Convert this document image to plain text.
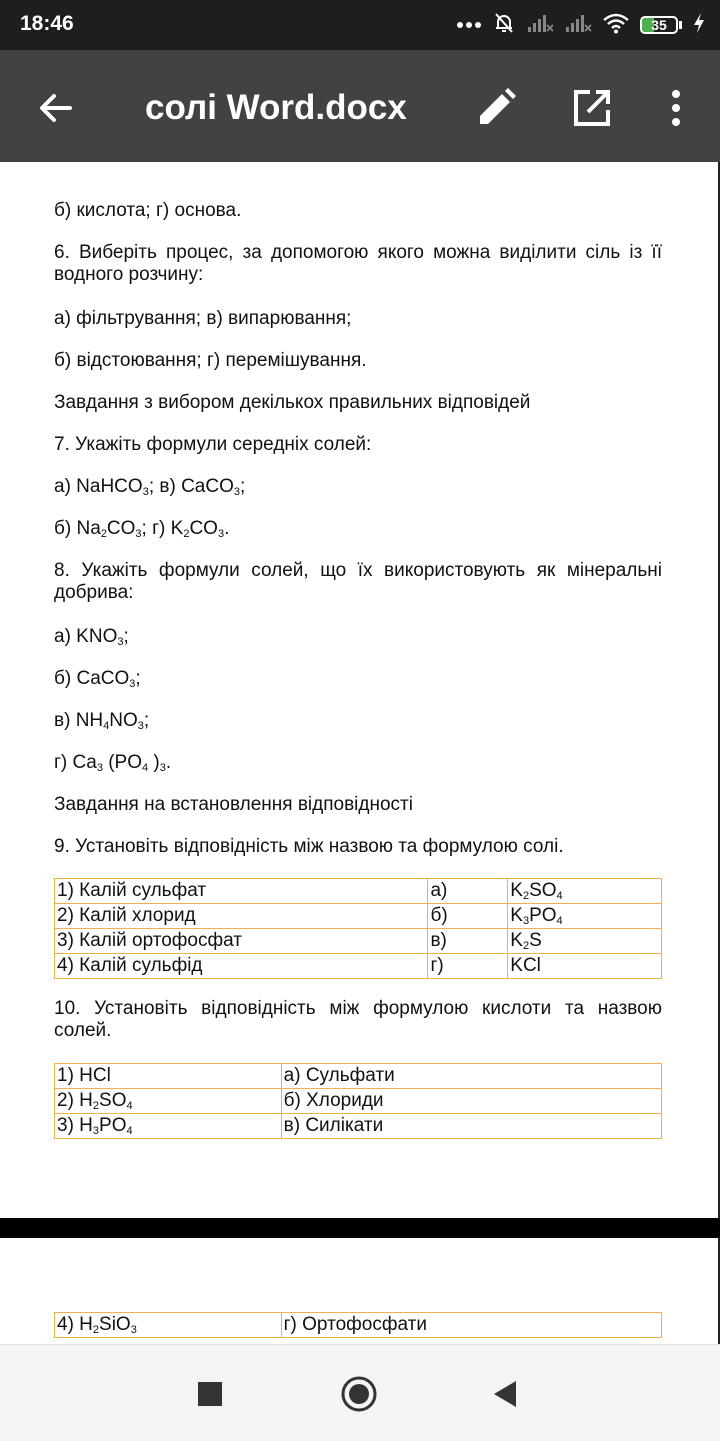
18:46	35
солі Word.docx

б) кислота; г) основа.

6. Виберіть процес, за допомогою якого можна виділити сіль із її водного розчину:

а) фільтрування; в) випарювання;

б) відстоювання; г) перемішування.

Завдання з вибором декількох правильних відповідей

7. Укажіть формули середніх солей:

а) NaHCO$_3$; в) CaCO$_3$;

б) $Na_2CO_3$; г) $K_2CO_3$.

8. Укажіть формули солей, що їх використовують як мінеральні добрива:

а) $KNO_3$;

б) CaCO$_3$;

в) $NH_4NO_3$;

г) $Ca_3$ ($PO_4$ )$_3$.

Завдання на встановлення відповідності

9. Установіть відповідність між назвою та формулою солі.

1) Калій сульфат	а)	$K_2SO_4$
2) Калій хлорид	б)	$K_3PO_4$
3) Калій ортофосфат	в)	$K_2S$
4) Калій сульфід	г)	KCl

10. Установіть відповідність між формулою кислоти та назвою солей.

1) HCl	а) Сульфати
2) $H_2SO_4$	б) Хлориди
3) $H_3PO_4$	в) Силікати
4) $H_2SiO_3$	г) Ортофосфати
